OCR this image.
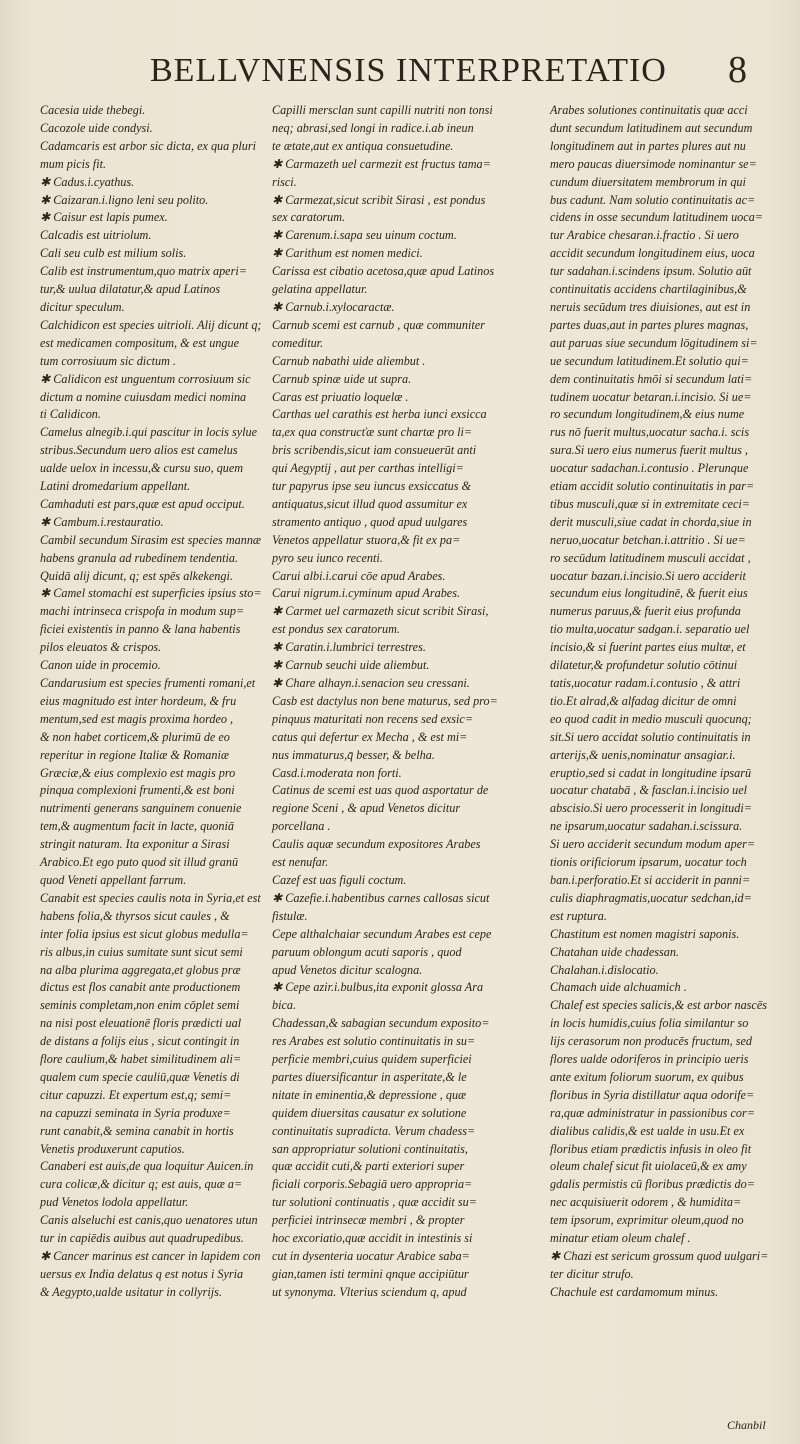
BELLVNENSIS INTERPRETATIO	8

Cacesia uide thebegi.

Cacozole uide condysi.

Cadamcaris est arbor sic dicta, ex qua pluri

mum picis fit.

✱ Cadus.i.cyathus.

✱ Caizaran.i.ligno leni seu polito.

✱ Caisur est lapis pumex.

Calcadis est uitriolum.

Cali seu culb est milium solis.

Calib est instrumentum,quo matrix aperi=

tur,& uulua dilatatur,& apud Latinos

dicitur speculum.

Calchidicon est species uitrioli. Alij dicunt q;

est medicamen compositum, & est ungue

tum corrosiuum sic dictum .

✱ Calidicon est unguentum corrosiuum sic

dictum a nomine cuiusdam medici nomina

ti Calidicon.

Camelus alnegib.i.qui pascitur in locis sylue

stribus.Secundum uero alios est camelus

ualde uelox in incessu,& cursu suo, quem

Latini dromedarium appellant.

Camhaduti est pars,quæ est apud occiput.

✱ Cambum.i.restauratio.

Cambil secundum Sirasim est species mannæ

habens granula ad rubedinem tendentia.

Quidā alij dicunt, q; est spēs alkekengi.

✱ Camel stomachi est superficies ipsius sto=

machi intrinseca crispofa in modum sup=

ficiei existentis in panno & lana habentis

pilos eleuatos & crispos.

Canon uide in procemio.

Candarusium est species frumenti romani,et

eius magnitudo est inter hordeum, & fru

mentum,sed est magis proxima hordeo ,

& non habet corticem,& plurimū de eo

reperitur in regione Italiæ & Romaniæ

Græciæ,& eius complexio est magis pro

pinqua complexioni frumenti,& est boni

nutrimenti generans sanguinem conuenie

tem,& augmentum facit in lacte, quoniā

stringit naturam. Ita exponitur a Sirasi

Arabico.Et ego puto quod sit illud granū

quod Veneti appellant farrum.

Canabit est species caulis nota in Syria,et est

habens folia,& thyrsos sicut caules , &

inter folia ipsius est sicut globus medulla=

ris albus,in cuius sumitate sunt sicut semi

na alba plurima aggregata,et globus præ

dictus est flos canabit ante productionem

seminis completam,non enim cōplet semi

na nisi post eleuationē floris prædicti ual

de distans a folijs eius , sicut contingit in

flore caulium,& habet similitudinem ali=

qualem cum specie cauliū,quæ Venetis di

citur capuzzi. Et expertum est,q; semi=

na capuzzi seminata in Syria produxe=

runt canabit,& semina canabit in hortis

Venetis produxerunt caputios.

Canaberi est auis,de qua loquitur Auicen.in

cura colicæ,& dicitur q; est auis, quæ a=

pud Venetos lodola appellatur.

Canis alseluchi est canis,quo uenatores utun

tur in capiēdis auibus aut quadrupedibus.

✱ Cancer marinus est cancer in lapidem con

uersus ex India delatus q est notus i Syria

& Aegypto,ualde usitatur in collyrijs.

Capilli mersclan sunt capilli nutriti non tonsi

neq; abrasi,sed longi in radice.i.ab ineun

te ætate,aut ex antiqua consuetudine.

✱ Carmazeth uel carmezit est fructus tama=

risci.

✱ Carmezat,sicut scribit Sirasi , est pondus

sex caratorum.

✱ Carenum.i.sapa seu uinum coctum.

✱ Carithum est nomen medici.

Carissa est cibatio acetosa,quæ apud Latinos

gelatina appellatur.

✱ Carnub.i.xylocaractæ.

Carnub scemi est carnub , quæ communiter

comeditur.

Carnub nabathi uide aliembut .

Carnub spinæ uide ut supra.

Caras est priuatio loquelæ .

Carthas uel carathis est herba iunci exsicca

ta,ex qua construcťæ sunt chartæ pro li=

bris scribendis,sicut iam consueuerūt anti

qui Aegyptij , aut per carthas intelligi=

tur papyrus ipse seu iuncus exsiccatus &

antiquatus,sicut illud quod assumitur ex

stramento antiquo , quod apud uulgares

Venetos appellatur stuora,& fit ex pa=

pyro seu iunco recenti.

Carui albi.i.carui cōe apud Arabes.

Carui nigrum.i.cyminum apud Arabes.

✱ Carmet uel carmazeth sicut scribit Sirasi,

est pondus sex caratorum.

✱ Caratin.i.lumbrici terrestres.

✱ Carnub seuchi uide aliembut.

✱ Chare alhayn.i.senacion seu cressani.

Casb est dactylus non bene maturus, sed pro=

pinquus maturitati non recens sed exsic=

catus qui defertur ex Mecha , & est mi=

nus immaturus,q̄ besser, & belha.

Casd.i.moderata non forti.

Catinus de scemi est uas quod asportatur de

regione Sceni , & apud Venetos dicitur

porcellana .

Caulis aquæ secundum expositores Arabes

est nenufar.

Cazef est uas figuli coctum.

✱ Cazefie.i.habentibus carnes callosas sicut

fistulæ.

Cepe althalchaiar secundum Arabes est cepe

paruum oblongum acuti saporis , quod

apud Venetos dicitur scalogna.

✱ Cepe azir.i.bulbus,ita exponit glossa Ara

bica.

Chadessan,& sabagian secundum exposito=

res Arabes est solutio continuitatis in su=

perficie membri,cuius quidem superficiei

partes diuersificantur in asperitate,& le

nitate in eminentia,& depressione , quæ

quidem diuersitas causatur ex solutione

continuitatis supradicta. Verum chadess=

san appropriatur solutioni continuitatis,

quæ accidit cuti,& parti exteriori super

ficiali corporis.Sebagiā uero appropria=

tur solutioni continuatis , quæ accidit su=

perficiei intrinsecæ membri , & propter

hoc excoriatio,quæ accidit in intestinis si

cut in dysenteria uocatur Arabice saba=

gian,tamen isti termini qnque accipiūtur

ut synonyma. Vlterius sciendum q, apud

Arabes solutiones continuitatis quæ acci

dunt secundum latitudinem aut secundum

longitudinem aut in partes plures aut nu

mero paucas diuersimode nominantur se=

cundum diuersitatem membrorum in qui

bus cadunt. Nam solutio continuitatis ac=

cidens in osse secundum latitudinem uoca=

tur Arabice chesaran.i.fractio . Si uero

accidit secundum longitudinem eius, uoca

tur sadahan.i.scindens ipsum. Solutio aūt

continuitatis accidens chartilaginibus,&

neruis secūdum tres diuisiones, aut est in

partes duas,aut in partes plures magnas,

aut paruas siue secundum lōgitudinem si=

ue secundum latitudinem.Et solutio qui=

dem continuitatis hmōi si secundum lati=

tudinem uocatur betaran.i.incisio. Si ue=

ro secundum longitudinem,& eius nume

rus nō fuerit multus,uocatur sacha.i. scis

sura.Si uero eius numerus fuerit multus ,

uocatur sadachan.i.contusio . Plerunque

etiam accidit solutio continuitatis in par=

tibus musculi,quæ si in extremitate ceci=

derit musculi,siue cadat in chorda,siue in

neruo,uocatur betchan.i.attritio . Si ue=

ro secūdum latitudinem musculi accidat ,

uocatur bazan.i.incisio.Si uero acciderit

secundum eius longitudinē, & fuerit eius

numerus paruus,& fuerit eius profunda

tio multa,uocatur sadgan.i. separatio uel

incisio,& si fuerint partes eius multæ, et

dilatetur,& profundetur solutio cōtinui

tatis,uocatur radam.i.contusio , & attri

tio.Et alrad,& alfadag dicitur de omni

eo quod cadit in medio musculi quocunq;

sit.Si uero accidat solutio continuitatis in

arterijs,& uenis,nominatur ansagiar.i.

eruptio,sed si cadat in longitudine ipsarū

uocatur chatabā , & fasclan.i.incisio uel

abscisio.Si uero processerit in longitudi=

ne ipsarum,uocatur sadahan.i.scissura.

Si uero acciderit secundum modum aper=

tionis orificiorum ipsarum, uocatur toch

ban.i.perforatio.Et si acciderit in panni=

culis diaphragmatis,uocatur sedchan,id=

est ruptura.

Chastitum est nomen magistri saponis.

Chatahan uide chadessan.

Chalahan.i.dislocatio.

Chamach uide alchuamich .

Chalef est species salicis,& est arbor nascēs

in locis humidis,cuius folia similantur so

lijs cerasorum non producēs fructum, sed

flores ualde odoriferos in principio ueris

ante exitum foliorum suorum, ex quibus

floribus in Syria distillatur aqua odorife=

ra,quæ administratur in passionibus cor=

dialibus calidis,& est ualde in usu.Et ex

floribus etiam prædictis infusis in oleo fit

oleum chalef sicut fit uiolaceū,& ex amy

gdalis permistis cū floribus prædictis do=

nec acquisiuerit odorem , & humidita=

tem ipsorum, exprimitur oleum,quod no

minatur etiam oleum chalef .

✱ Chazi est sericum grossum quod uulgari=

ter dicitur strufo.

Chachule est cardamomum minus.

Chanbil
